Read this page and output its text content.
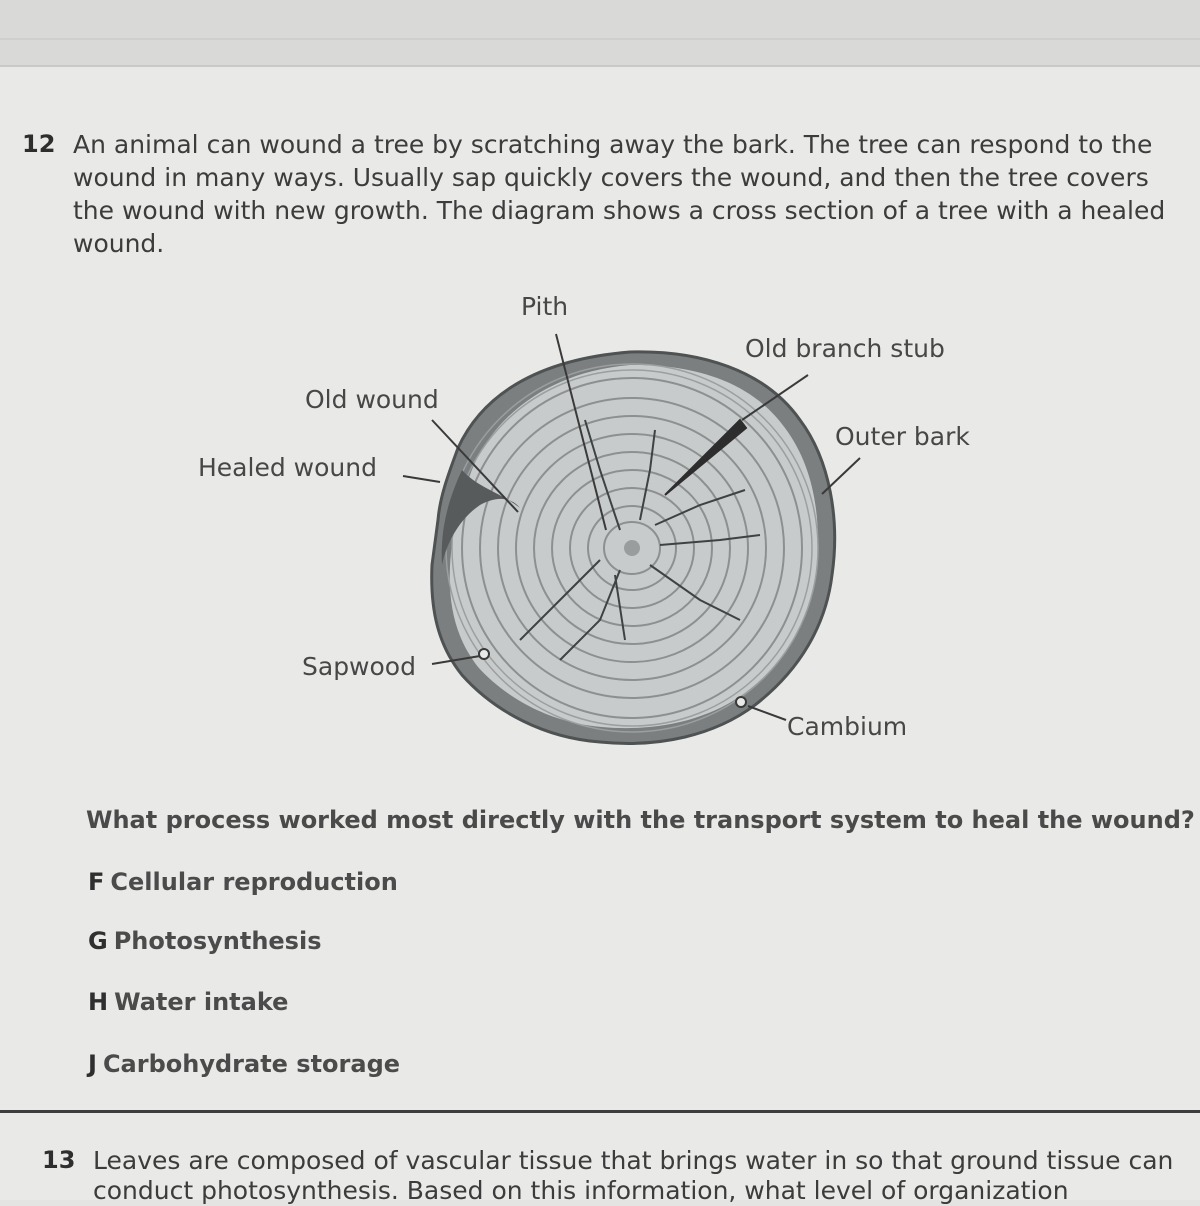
12 An animal can wound a tree by scratching away the bark. The tree can respond to the wound in many ways. Usually sap quickly covers the wound, and then the tree covers the wound with new growth. The diagram shows a cross section of a tree with a healed wound.

Pith
Old branch stub
Old wound
Outer bark
Healed wound
Sapwood
Cambium

What process worked most directly with the transport system to heal the wound?

F Cellular reproduction
G Photosynthesis
H Water intake
J Carbohydrate storage
13 Leaves are composed of vascular tissue that brings water in so that ground tissue can conduct photosynthesis. Based on this information, what level of organization
